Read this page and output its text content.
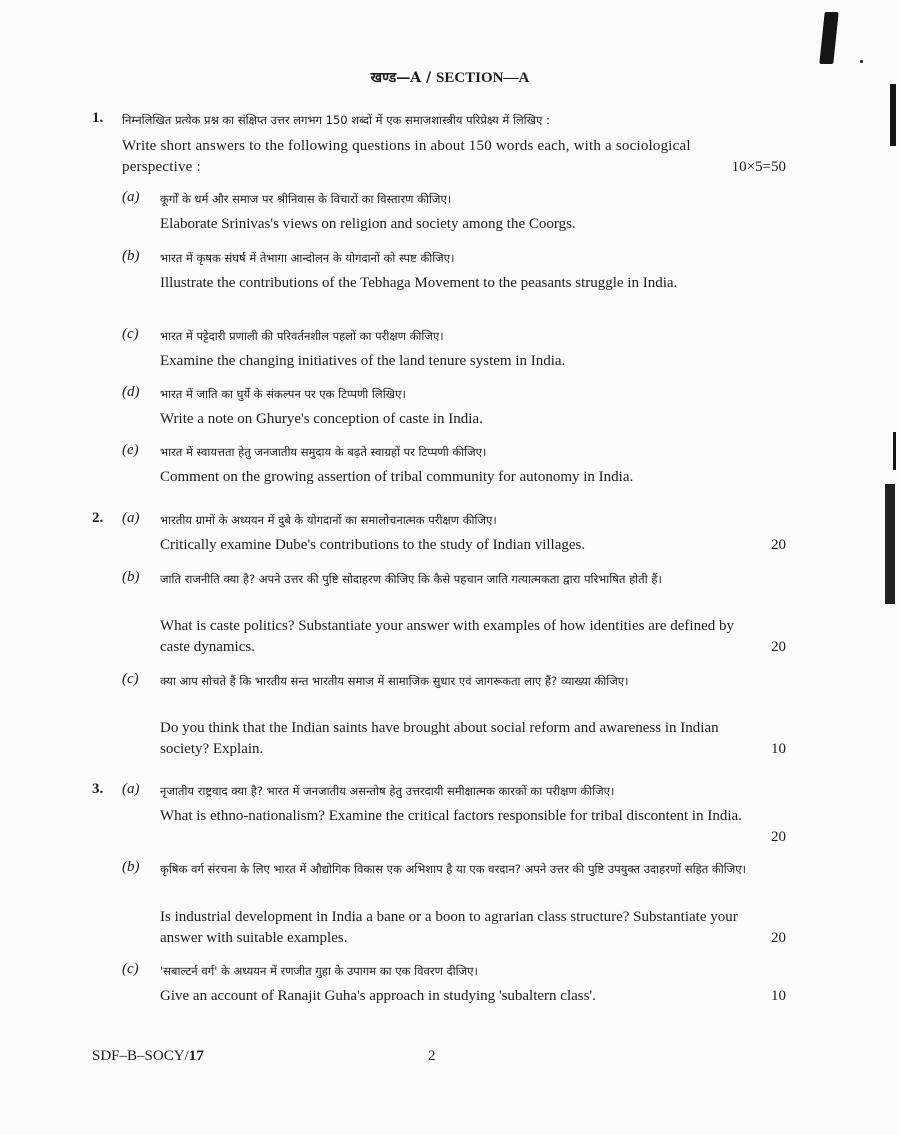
खण्ड—A / SECTION—A
1. निम्नलिखित प्रत्येक प्रश्न का संक्षिप्त उत्तर लगभग 150 शब्दों में एक समाजशास्त्रीय परिप्रेक्ष्य में लिखिए :
Write short answers to the following questions in about 150 words each, with a sociological perspective :	10×5=50
(a) कूर्गों के धर्म और समाज पर श्रीनिवास के विचारों का विस्तारण कीजिए।
Elaborate Srinivas's views on religion and society among the Coorgs.
(b) भारत में कृषक संघर्ष में तेभागा आन्दोलन के योगदानों को स्पष्ट कीजिए।
Illustrate the contributions of the Tebhaga Movement to the peasants struggle in India.
(c) भारत में पट्टेदारी प्रणाली की परिवर्तनशील पहलों का परीक्षण कीजिए।
Examine the changing initiatives of the land tenure system in India.
(d) भारत में जाति का घुर्ये के संकल्पन पर एक टिप्पणी लिखिए।
Write a note on Ghurye's conception of caste in India.
(e) भारत में स्वायत्तता हेतु जनजातीय समुदाय के बढ़ते स्वाग्रहों पर टिप्पणी कीजिए।
Comment on the growing assertion of tribal community for autonomy in India.
2. (a) भारतीय ग्रामों के अध्ययन में दुबे के योगदानों का समालोचनात्मक परीक्षण कीजिए।
Critically examine Dube's contributions to the study of Indian villages.	20
(b) जाति राजनीति क्या है? अपने उत्तर की पुष्टि सोदाहरण कीजिए कि कैसे पहचान जाति गत्यात्मकता द्वारा परिभाषित होती हैं।
What is caste politics? Substantiate your answer with examples of how identities are defined by caste dynamics.	20
(c) क्या आप सोचते हैं कि भारतीय सन्त भारतीय समाज में सामाजिक सुधार एवं जागरूकता लाए हैं? व्याख्या कीजिए।
Do you think that the Indian saints have brought about social reform and awareness in Indian society? Explain.	10
3. (a) नृजातीय राष्ट्रवाद क्या है? भारत में जनजातीय असन्तोष हेतु उत्तरदायी समीक्षात्मक कारकों का परीक्षण कीजिए।
What is ethno-nationalism? Examine the critical factors responsible for tribal discontent in India.
20
(b) कृषिक वर्ग संरचना के लिए भारत में औद्योगिक विकास एक अभिशाप है या एक वरदान? अपने उत्तर की पुष्टि उपयुक्त उदाहरणों सहित कीजिए।
Is industrial development in India a bane or a boon to agrarian class structure? Substantiate your answer with suitable examples.	20
(c) 'सबाल्टर्न वर्ग' के अध्ययन में रणजीत गुहा के उपागम का एक विवरण दीजिए।
Give an account of Ranajit Guha's approach in studying 'subaltern class'.	10
SDF–B–SOCY/17	2
